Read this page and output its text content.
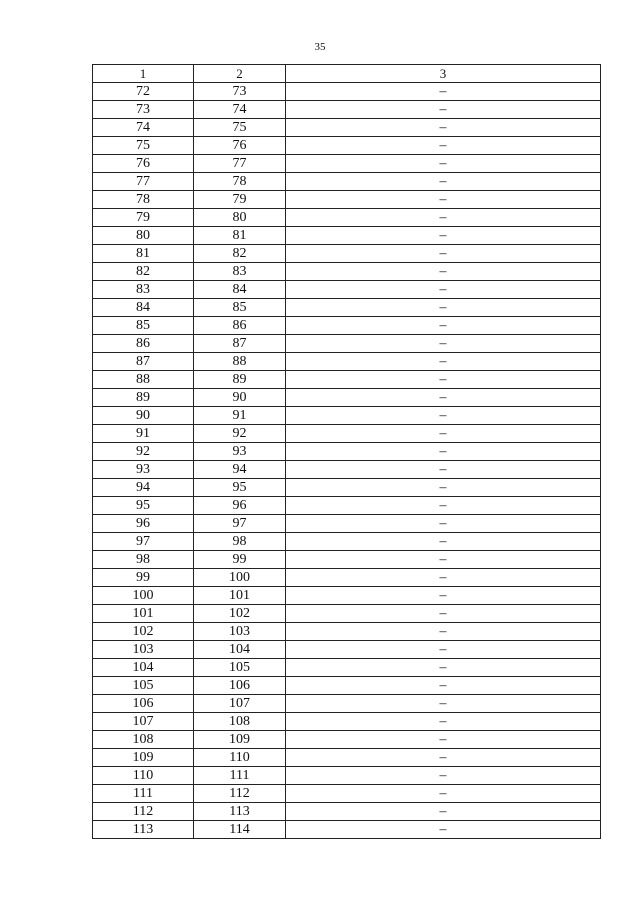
35
1	2	3
72	73	–
73	74	–
74	75	–
75	76	–
76	77	–
77	78	–
78	79	–
79	80	–
80	81	–
81	82	–
82	83	–
83	84	–
84	85	–
85	86	–
86	87	–
87	88	–
88	89	–
89	90	–
90	91	–
91	92	–
92	93	–
93	94	–
94	95	–
95	96	–
96	97	–
97	98	–
98	99	–
99	100	–
100	101	–
101	102	–
102	103	–
103	104	–
104	105	–
105	106	–
106	107	–
107	108	–
108	109	–
109	110	–
110	111	–
111	112	–
112	113	–
113	114	–
